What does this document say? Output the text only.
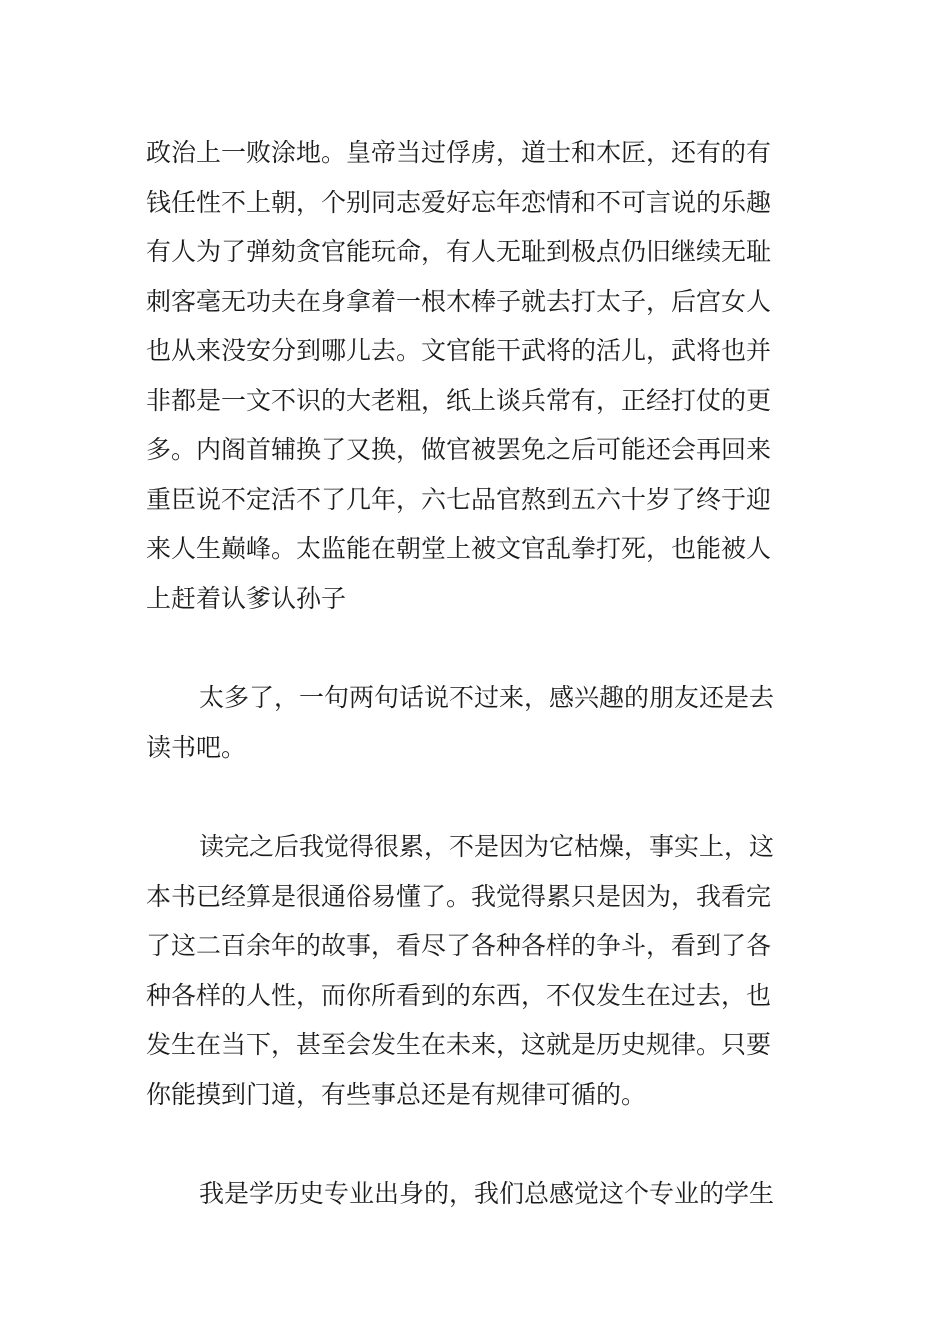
政治上一败涂地。皇帝当过俘虏，道士和木匠，还有的有
钱任性不上朝，个别同志爱好忘年恋情和不可言说的乐趣
有人为了弹劾贪官能玩命，有人无耻到极点仍旧继续无耻
刺客毫无功夫在身拿着一根木棒子就去打太子，后宫女人
也从来没安分到哪儿去。文官能干武将的活儿，武将也并
非都是一文不识的大老粗，纸上谈兵常有，正经打仗的更
多。内阁首辅换了又换，做官被罢免之后可能还会再回来
重臣说不定活不了几年，六七品官熬到五六十岁了终于迎
来人生巅峰。太监能在朝堂上被文官乱拳打死，也能被人
上赶着认爹认孙子
太多了，一句两句话说不过来，感兴趣的朋友还是去
读书吧。
读完之后我觉得很累，不是因为它枯燥，事实上，这
本书已经算是很通俗易懂了。我觉得累只是因为，我看完
了这二百余年的故事，看尽了各种各样的争斗，看到了各
种各样的人性，而你所看到的东西，不仅发生在过去，也
发生在当下，甚至会发生在未来，这就是历史规律。只要
你能摸到门道，有些事总还是有规律可循的。
我是学历史专业出身的，我们总感觉这个专业的学生
